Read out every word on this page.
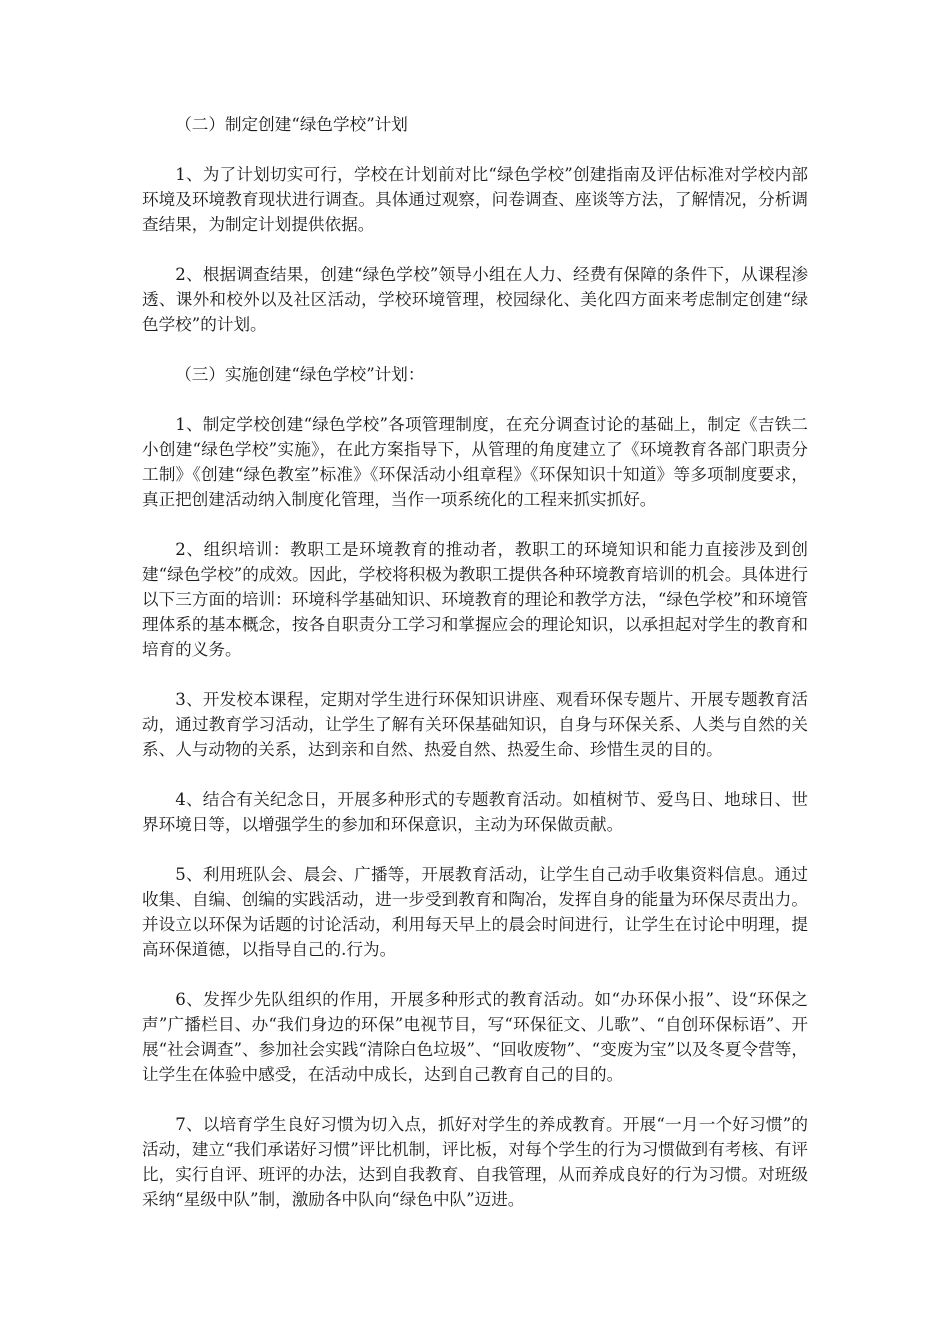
（二）制定创建“绿色学校”计划

1、为了计划切实可行，学校在计划前对比“绿色学校”创建指南及评估标准对学校内部环境及环境教育现状进行调查。具体通过观察，问卷调查、座谈等方法，了解情况，分析调查结果，为制定计划提供依据。

2、根据调查结果，创建“绿色学校”领导小组在人力、经费有保障的条件下，从课程渗透、课外和校外以及社区活动，学校环境管理，校园绿化、美化四方面来考虑制定创建“绿色学校”的计划。

（三）实施创建“绿色学校”计划：

1、制定学校创建“绿色学校”各项管理制度，在充分调查讨论的基础上，制定《吉铁二小创建“绿色学校”实施》，在此方案指导下，从管理的角度建立了《环境教育各部门职责分工制》《创建“绿色教室”标准》《环保活动小组章程》《环保知识十知道》等多项制度要求，真正把创建活动纳入制度化管理，当作一项系统化的工程来抓实抓好。

2、组织培训：教职工是环境教育的推动者，教职工的环境知识和能力直接涉及到创建“绿色学校”的成效。因此，学校将积极为教职工提供各种环境教育培训的机会。具体进行以下三方面的培训：环境科学基础知识、环境教育的理论和教学方法，“绿色学校”和环境管理体系的基本概念，按各自职责分工学习和掌握应会的理论知识，以承担起对学生的教育和培育的义务。

3、开发校本课程，定期对学生进行环保知识讲座、观看环保专题片、开展专题教育活动，通过教育学习活动，让学生了解有关环保基础知识，自身与环保关系、人类与自然的关系、人与动物的关系，达到亲和自然、热爱自然、热爱生命、珍惜生灵的目的。

4、结合有关纪念日，开展多种形式的专题教育活动。如植树节、爱鸟日、地球日、世界环境日等，以增强学生的参加和环保意识，主动为环保做贡献。

5、利用班队会、晨会、广播等，开展教育活动，让学生自己动手收集资料信息。通过收集、自编、创编的实践活动，进一步受到教育和陶冶，发挥自身的能量为环保尽责出力。并设立以环保为话题的讨论活动，利用每天早上的晨会时间进行，让学生在讨论中明理，提高环保道德，以指导自己的.行为。

6、发挥少先队组织的作用，开展多种形式的教育活动。如“办环保小报”、设“环保之声”广播栏目、办“我们身边的环保”电视节目，写“环保征文、儿歌”、“自创环保标语”、开展“社会调查”、参加社会实践“清除白色垃圾”、“回收废物”、“变废为宝”以及冬夏令营等，让学生在体验中感受，在活动中成长，达到自己教育自己的目的。

7、以培育学生良好习惯为切入点，抓好对学生的养成教育。开展“一月一个好习惯”的活动，建立“我们承诺好习惯”评比机制，评比板，对每个学生的行为习惯做到有考核、有评比，实行自评、班评的办法，达到自我教育、自我管理，从而养成良好的行为习惯。对班级采纳“星级中队”制，激励各中队向“绿色中队”迈进。
